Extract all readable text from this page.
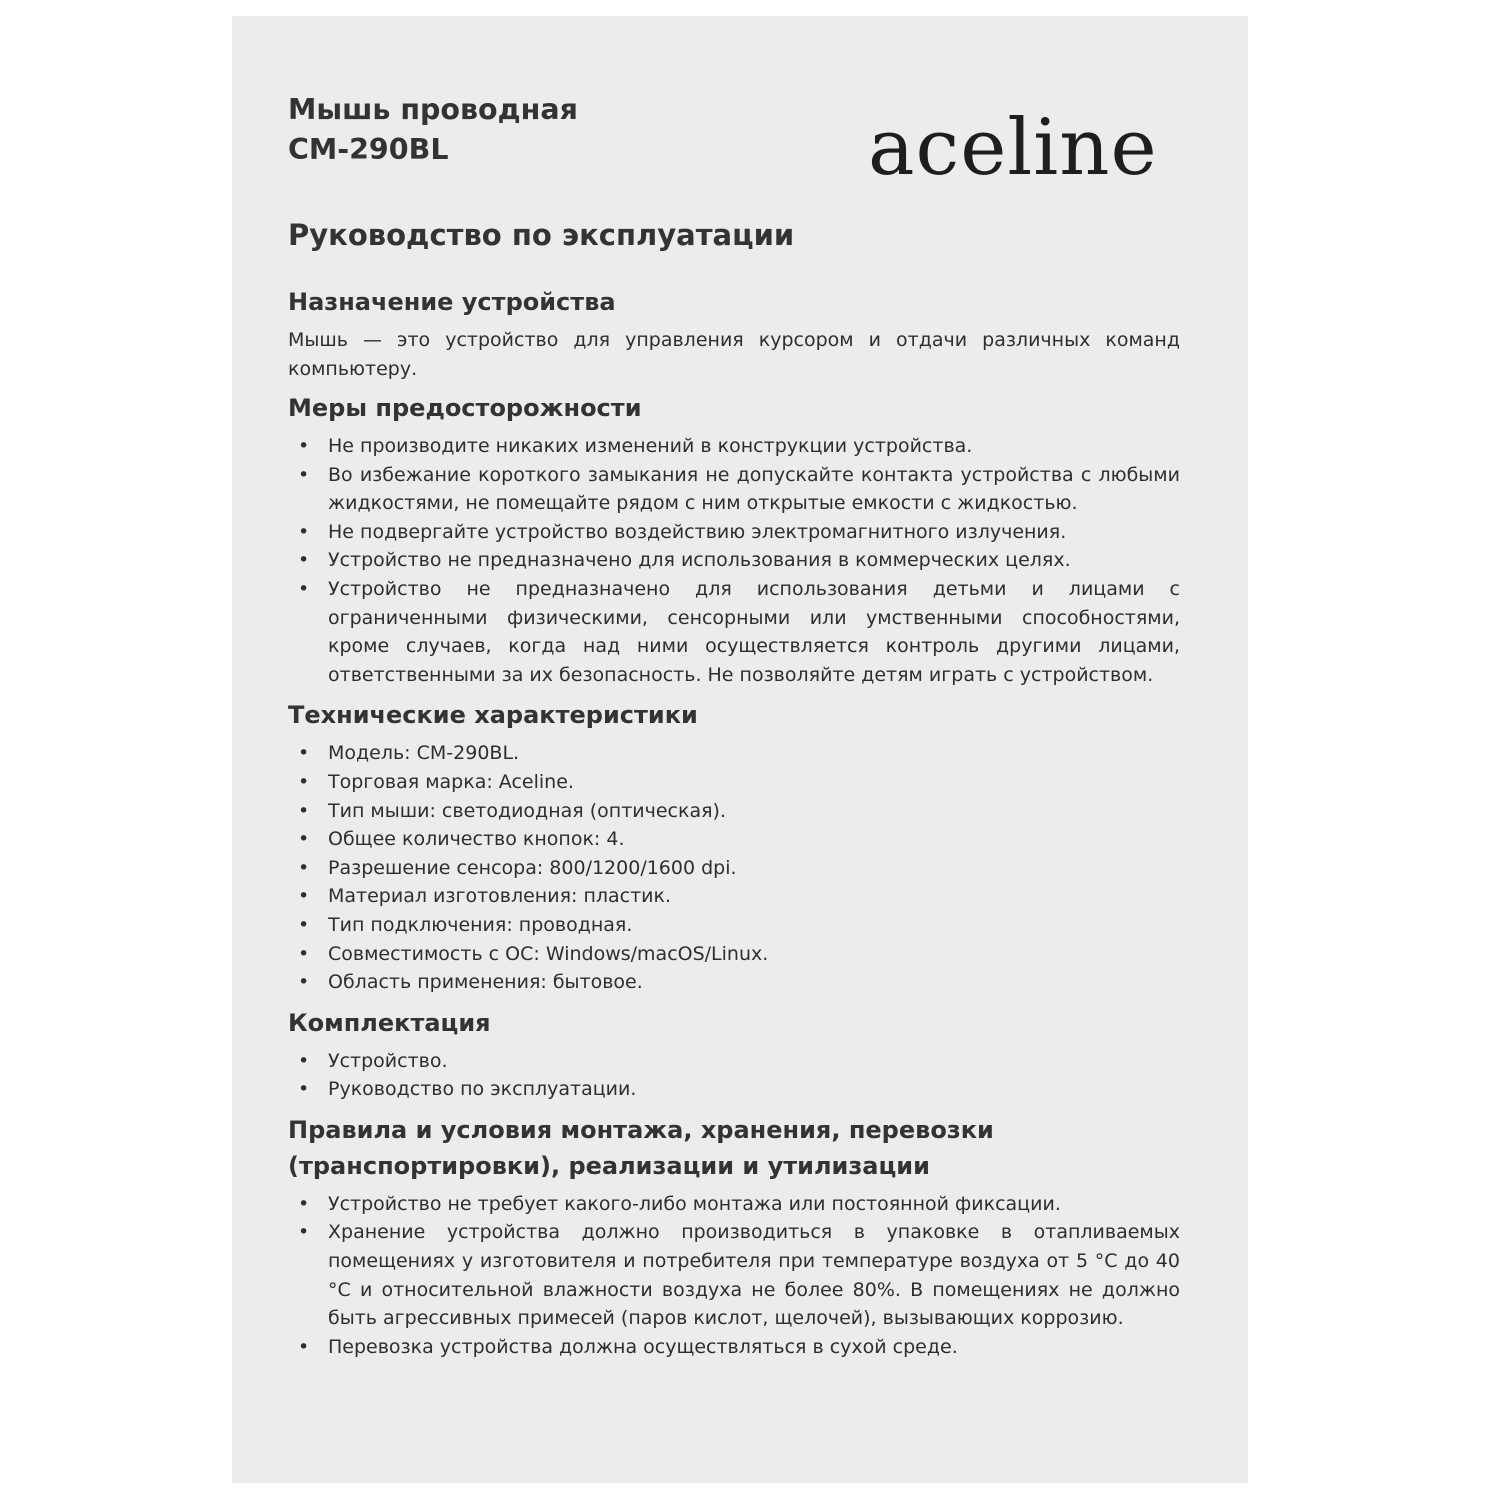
Мышь проводная
CM-290BL	aceline
Руководство по эксплуатации
Назначение устройства

Мышь — это устройство для управления курсором и отдачи различных команд компьютеру.

Меры предосторожности
• Не производите никаких изменений в конструкции устройства.
• Во избежание короткого замыкания не допускайте контакта устройства с любыми жидкостями, не помещайте рядом с ним открытые емкости с жидкостью.
• Не подвергайте устройство воздействию электромагнитного излучения.
• Устройство не предназначено для использования в коммерческих целях.
• Устройство не предназначено для использования детьми и лицами с ограниченными физическими, сенсорными или умственными способностями, кроме случаев, когда над ними осуществляется контроль другими лицами, ответственными за их безопасность. Не позволяйте детям играть с устройством.
Технические характеристики
• Модель: CM-290BL.
• Торговая марка: Aceline.
• Тип мыши: светодиодная (оптическая).
• Общее количество кнопок: 4.
• Разрешение сенсора: 800/1200/1600 dpi.
• Материал изготовления: пластик.
• Тип подключения: проводная.
• Совместимость с ОС: Windows/macOS/Linux.
• Область применения: бытовое.
Комплектация
• Устройство.
• Руководство по эксплуатации.
Правила и условия монтажа, хранения, перевозки (транспортировки), реализации и утилизации
• Устройство не требует какого-либо монтажа или постоянной фиксации.
• Хранение устройства должно производиться в упаковке в отапливаемых помещениях у изготовителя и потребителя при температуре воздуха от 5 °C до 40 °C и относительной влажности воздуха не более 80%. В помещениях не должно быть агрессивных примесей (паров кислот, щелочей), вызывающих коррозию.
• Перевозка устройства должна осуществляться в сухой среде.
